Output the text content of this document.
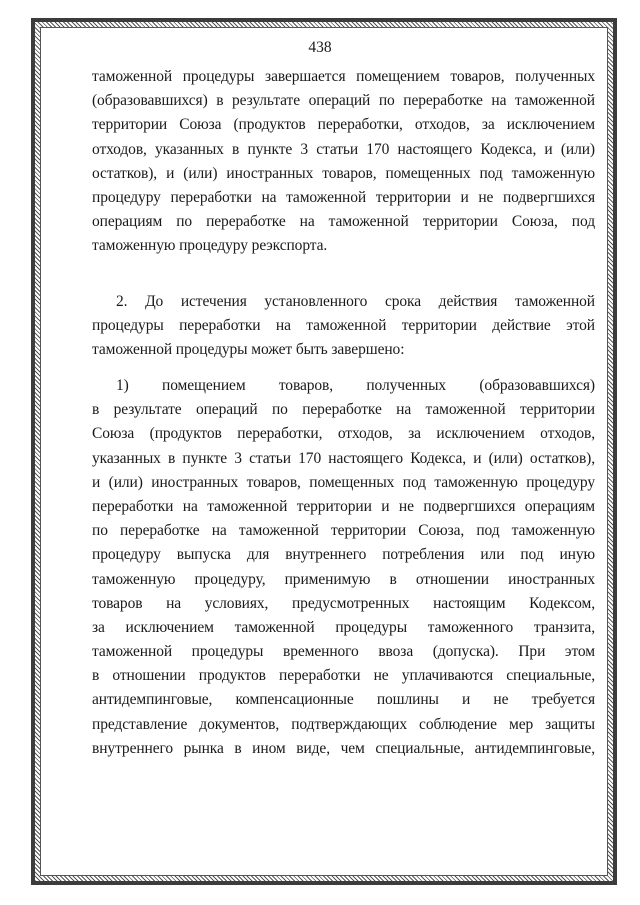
438
таможенной процедуры завершается помещением товаров, полученных
(образовавшихся) в результате операций по переработке на таможенной
территории Союза (продуктов переработки, отходов, за исключением
отходов, указанных в пункте 3 статьи 170 настоящего Кодекса, и (или)
остатков), и (или) иностранных товаров, помещенных под таможенную
процедуру переработки на таможенной территории и не подвергшихся
операциям по переработке на таможенной территории Союза, под
таможенную процедуру реэкспорта.
2. До истечения установленного срока действия таможенной
процедуры переработки на таможенной территории действие этой
таможенной процедуры может быть завершено:
1) помещением товаров, полученных (образовавшихся)
в результате операций по переработке на таможенной территории
Союза (продуктов переработки, отходов, за исключением отходов,
указанных в пункте 3 статьи 170 настоящего Кодекса, и (или) остатков),
и (или) иностранных товаров, помещенных под таможенную процедуру
переработки на таможенной территории и не подвергшихся операциям
по переработке на таможенной территории Союза, под таможенную
процедуру выпуска для внутреннего потребления или под иную
таможенную процедуру, применимую в отношении иностранных
товаров на условиях, предусмотренных настоящим Кодексом,
за исключением таможенной процедуры таможенного транзита,
таможенной процедуры временного ввоза (допуска). При этом
в отношении продуктов переработки не уплачиваются специальные,
антидемпинговые, компенсационные пошлины и не требуется
представление документов, подтверждающих соблюдение мер защиты
внутреннего рынка в ином виде, чем специальные, антидемпинговые,
